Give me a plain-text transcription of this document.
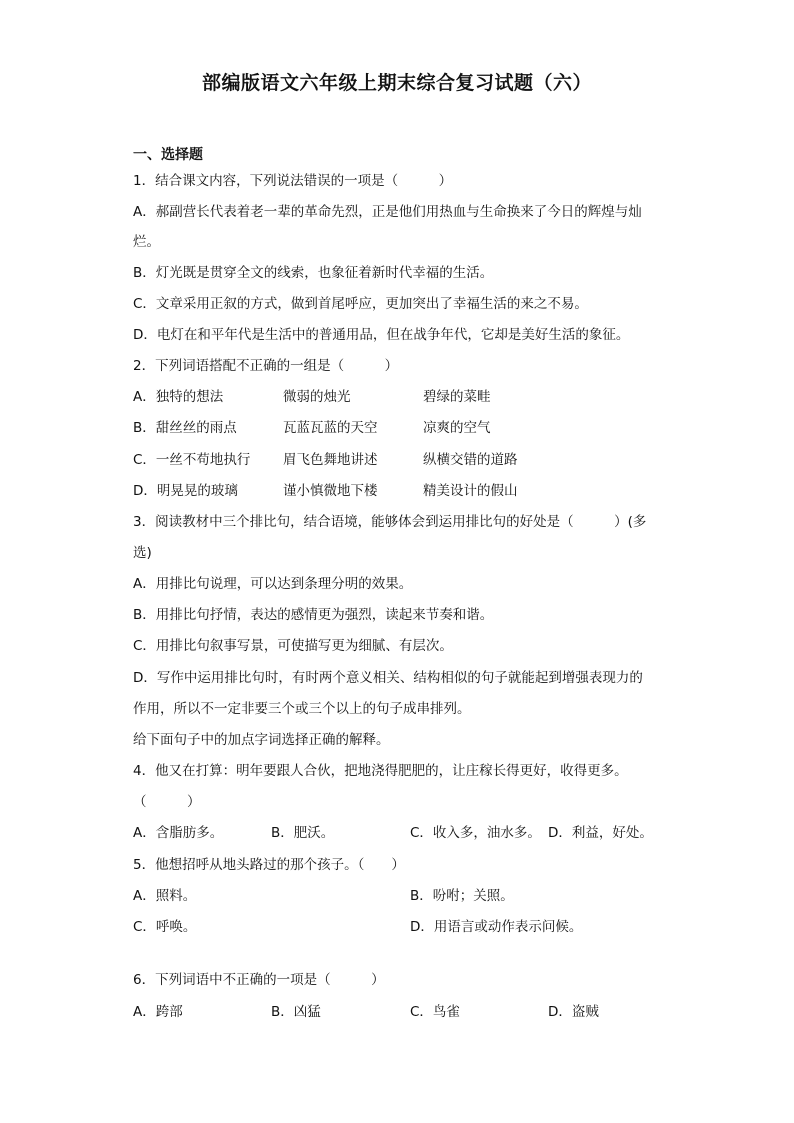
部编版语文六年级上期末综合复习试题（六）
一、选择题
1．结合课文内容，下列说法错误的一项是（　　　）
A．郝副营长代表着老一辈的革命先烈，正是他们用热血与生命换来了今日的辉煌与灿
烂。
B．灯光既是贯穿全文的线索，也象征着新时代幸福的生活。
C．文章采用正叙的方式，做到首尾呼应，更加突出了幸福生活的来之不易。
D．电灯在和平年代是生活中的普通用品，但在战争年代，它却是美好生活的象征。
2．下列词语搭配不正确的一组是（　　　）
A．独特的想法	微弱的烛光	碧绿的菜畦
B．甜丝丝的雨点	瓦蓝瓦蓝的天空	凉爽的空气
C．一丝不苟地执行 眉飞色舞地讲述	纵横交错的道路
D．明晃晃的玻璃	谨小慎微地下楼	精美设计的假山
3．阅读教材中三个排比句，结合语境，能够体会到运用排比句的好处是（　　　）(多
选)
A．用排比句说理，可以达到条理分明的效果。
B．用排比句抒情，表达的感情更为强烈，读起来节奏和谐。
C．用排比句叙事写景，可使描写更为细腻、有层次。
D．写作中运用排比句时，有时两个意义相关、结构相似的句子就能起到增强表现力的
作用，所以不一定非要三个或三个以上的句子成串排列。
给下面句子中的加点字词选择正确的解释。
4．他又在打算：明年要跟人合伙，把地浇得肥肥的，让庄稼长得更好，收得更多。
（　　　）
A．含脂肪多。	B．肥沃。	C．收入多，油水多。 D．利益，好处。
5．他想招呼从地头路过的那个孩子。（　　）
A．照料。	B．吩咐；关照。
C．呼唤。	D．用语言或动作表示问候。
6．下列词语中不正确的一项是（　　　）
A．跨部	B．凶猛	C．鸟雀	D．盗贼
